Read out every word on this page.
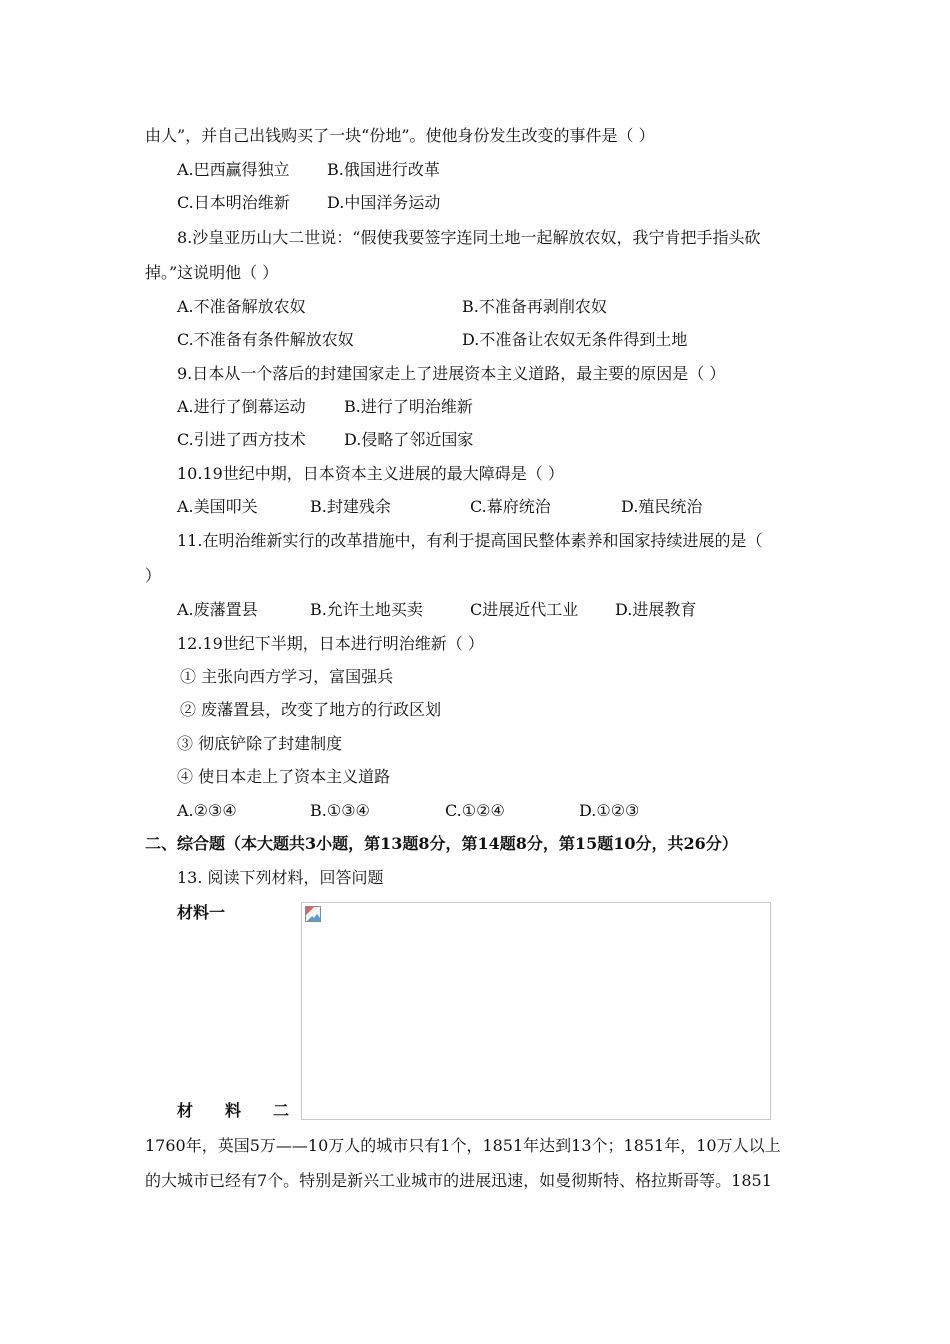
由人”，并自己出钱购买了一块“份地”。使他身份发生改变的事件是（ ）
A.巴西赢得独立 B.俄国进行改革
C.日本明治维新 D.中国洋务运动
8.沙皇亚历山大二世说：“假使我要签字连同土地一起解放农奴，我宁肯把手指头砍
掉。”这说明他（ ）
A.不准备解放农奴	B.不准备再剥削农奴
C.不准备有条件解放农奴	D.不准备让农奴无条件得到土地
9.日本从一个落后的封建国家走上了进展资本主义道路，最主要的原因是（ ）
A.进行了倒幕运动 B.进行了明治维新
C.引进了西方技术 D.侵略了邻近国家
10.19世纪中期，日本资本主义进展的最大障碍是（ ）
A.美国叩关	B.封建残余	C.幕府统治	D.殖民统治
11.在明治维新实行的改革措施中，有利于提高国民整体素养和国家持续进展的是（
）
A.废藩置县	B.允许土地买卖	C进展近代工业 D.进展教育
12.19世纪下半期，日本进行明治维新（ ）
① 主张向西方学习，富国强兵
② 废藩置县，改变了地方的行政区划
③ 彻底铲除了封建制度
④ 使日本走上了资本主义道路
A.②③④	B.①③④	C.①②④	D.①②③
二、综合题（本大题共3小题，第13题8分，第14题8分，第15题10分，共26分）
13. 阅读下列材料，回答问题
材料一
材　　料　　二
1760年，英国5万——10万人的城市只有1个，1851年达到13个；1851年，10万人以上
的大城市已经有7个。特别是新兴工业城市的进展迅速，如曼彻斯特、格拉斯哥等。1851
